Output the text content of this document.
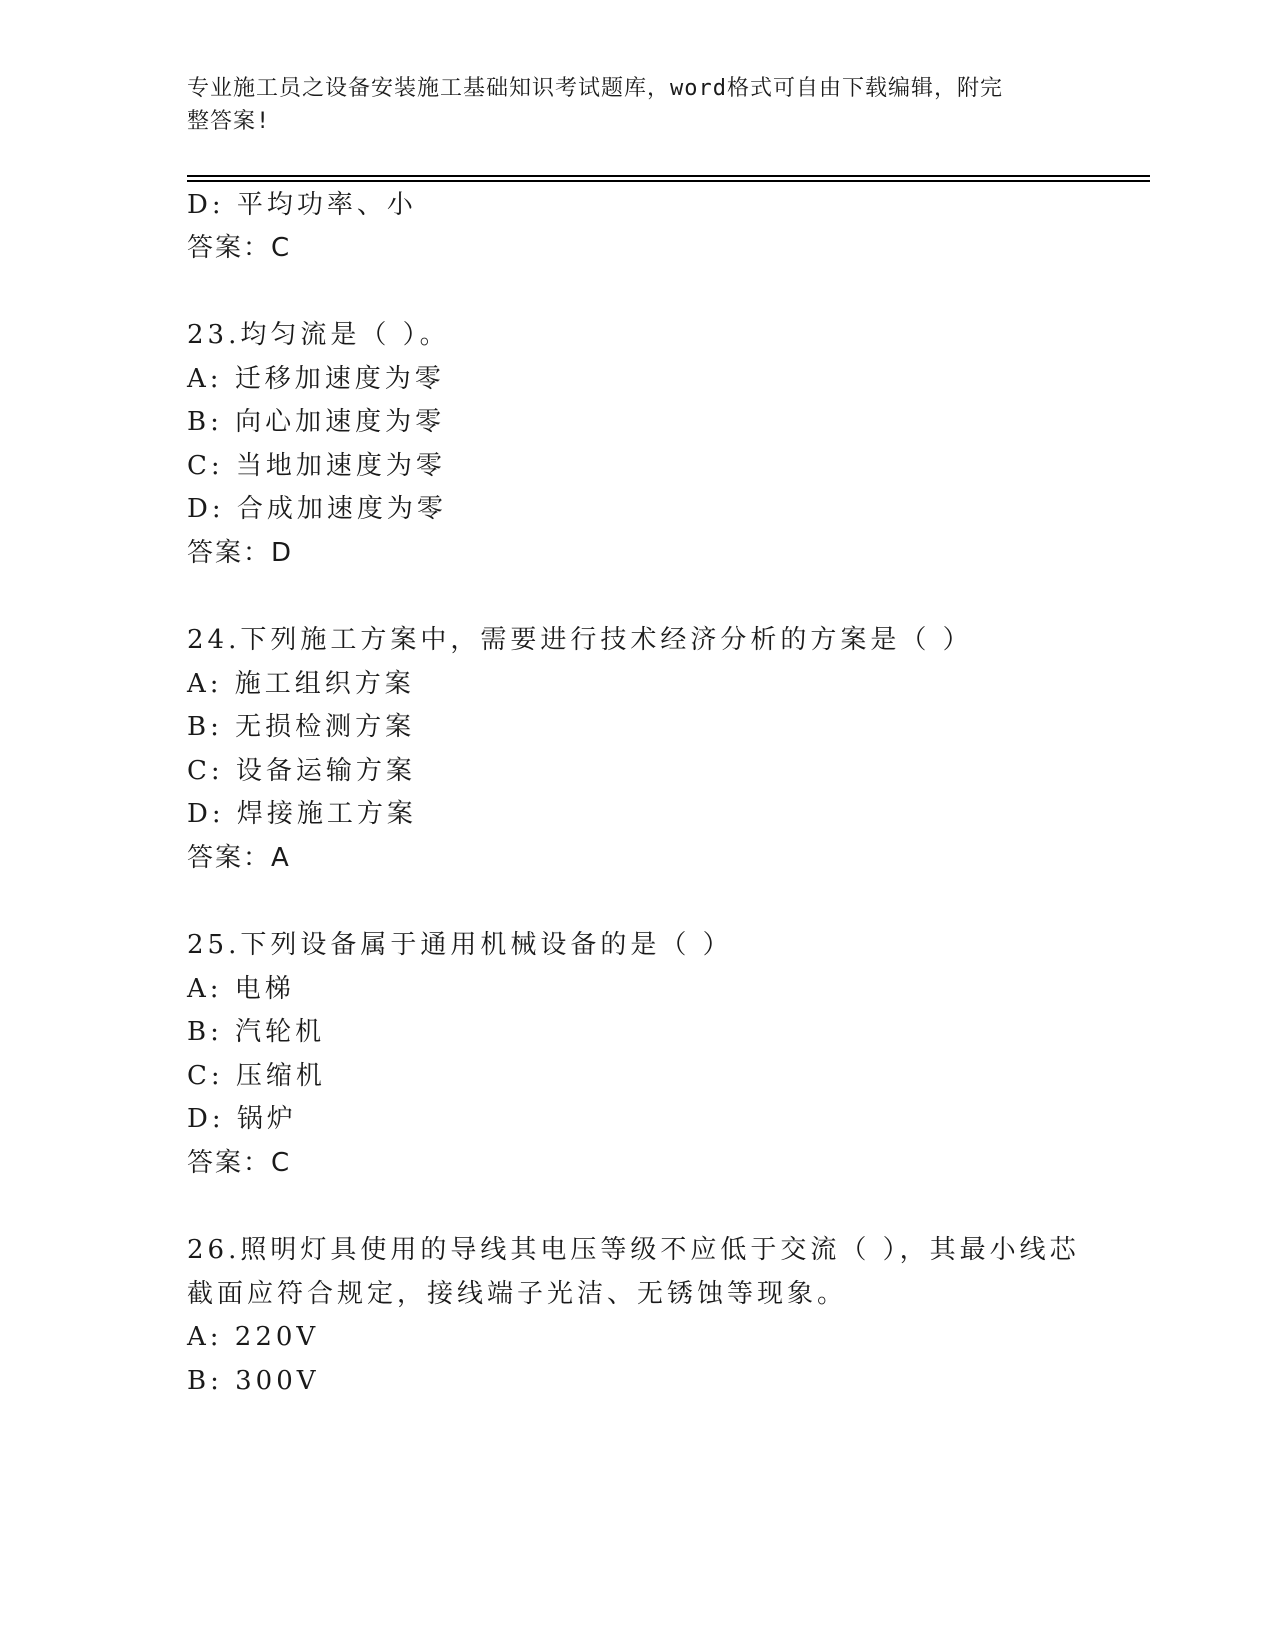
专业施工员之设备安装施工基础知识考试题库，word格式可自由下载编辑，附完
整答案!
D: 平均功率、小
答案：C
23.均匀流是（ ）。
A: 迁移加速度为零
B: 向心加速度为零
C: 当地加速度为零
D: 合成加速度为零
答案：D
24.下列施工方案中，需要进行技术经济分析的方案是（ ）
A: 施工组织方案
B: 无损检测方案
C: 设备运输方案
D: 焊接施工方案
答案：A
25.下列设备属于通用机械设备的是（ ）
A: 电梯
B: 汽轮机
C: 压缩机
D: 锅炉
答案：C
26.照明灯具使用的导线其电压等级不应低于交流（ ），其最小线芯
截面应符合规定，接线端子光洁、无锈蚀等现象。
A: 220V
B: 300V
